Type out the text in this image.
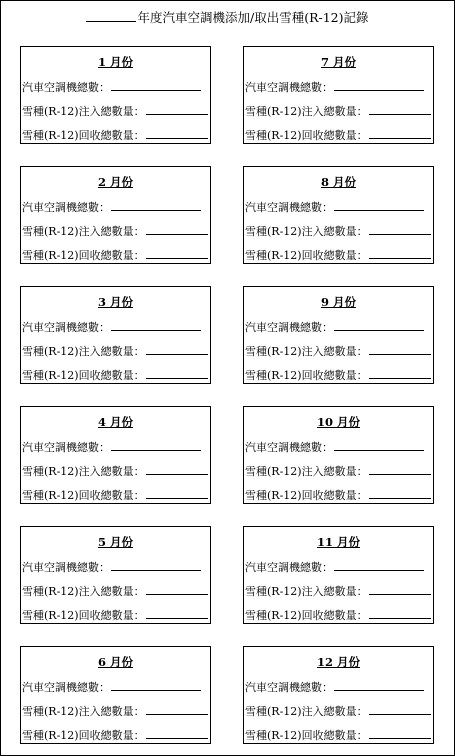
年度汽車空調機添加/取出雪種(R-12)記錄
1 月份
汽車空調機總數：
雪種(R-12)注入總數量：
雪種(R-12)回收總數量：
2 月份
汽車空調機總數：
雪種(R-12)注入總數量：
雪種(R-12)回收總數量：
3 月份
汽車空調機總數：
雪種(R-12)注入總數量：
雪種(R-12)回收總數量：
4 月份
汽車空調機總數：
雪種(R-12)注入總數量：
雪種(R-12)回收總數量：
5 月份
汽車空調機總數：
雪種(R-12)注入總數量：
雪種(R-12)回收總數量：
6 月份
汽車空調機總數：
雪種(R-12)注入總數量：
雪種(R-12)回收總數量：
7 月份
汽車空調機總數：
雪種(R-12)注入總數量：
雪種(R-12)回收總數量：
8 月份
汽車空調機總數：
雪種(R-12)注入總數量：
雪種(R-12)回收總數量：
9 月份
汽車空調機總數：
雪種(R-12)注入總數量：
雪種(R-12)回收總數量：
10 月份
汽車空調機總數：
雪種(R-12)注入總數量：
雪種(R-12)回收總數量：
11 月份
汽車空調機總數：
雪種(R-12)注入總數量：
雪種(R-12)回收總數量：
12 月份
汽車空調機總數：
雪種(R-12)注入總數量：
雪種(R-12)回收總數量：
